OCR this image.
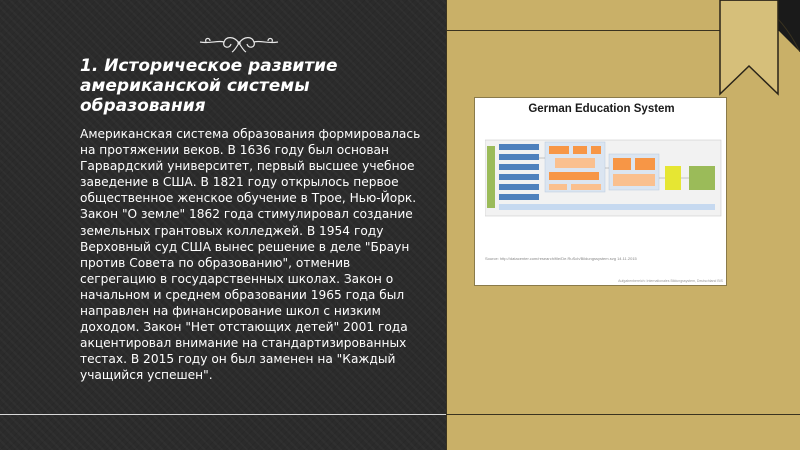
1. Историческое развитие американской системы образования

Американская система образования формировалась на протяжении веков. В 1636 году был основан Гарвардский университет, первый высшее учебное заведение в США. В 1821 году открылось первое общественное женское обучение в Трое, Нью-Йорк. Закон "О земле" 1862 года стимулировал создание земельных грантовых колледжей. В 1954 году Верховный суд США вынес решение в деле "Браун против Совета по образованию", отменив сегрегацию в государственных школах. Закон о начальном и среднем образовании 1965 года был направлен на финансирование школ с низким доходом. Закон "Нет отстающих детей" 2001 года акцентировал внимание на стандартизированных тестах. В 2015 году он был заменен на "Каждый учащийся успешен".

German Education System
Source: http://datacenter.com/research/file/De.RuSch/Bildungssystem.svg 14.11.2015
Aufgabenbereich: Internationales Bildungssystem, Deutschland BIS
